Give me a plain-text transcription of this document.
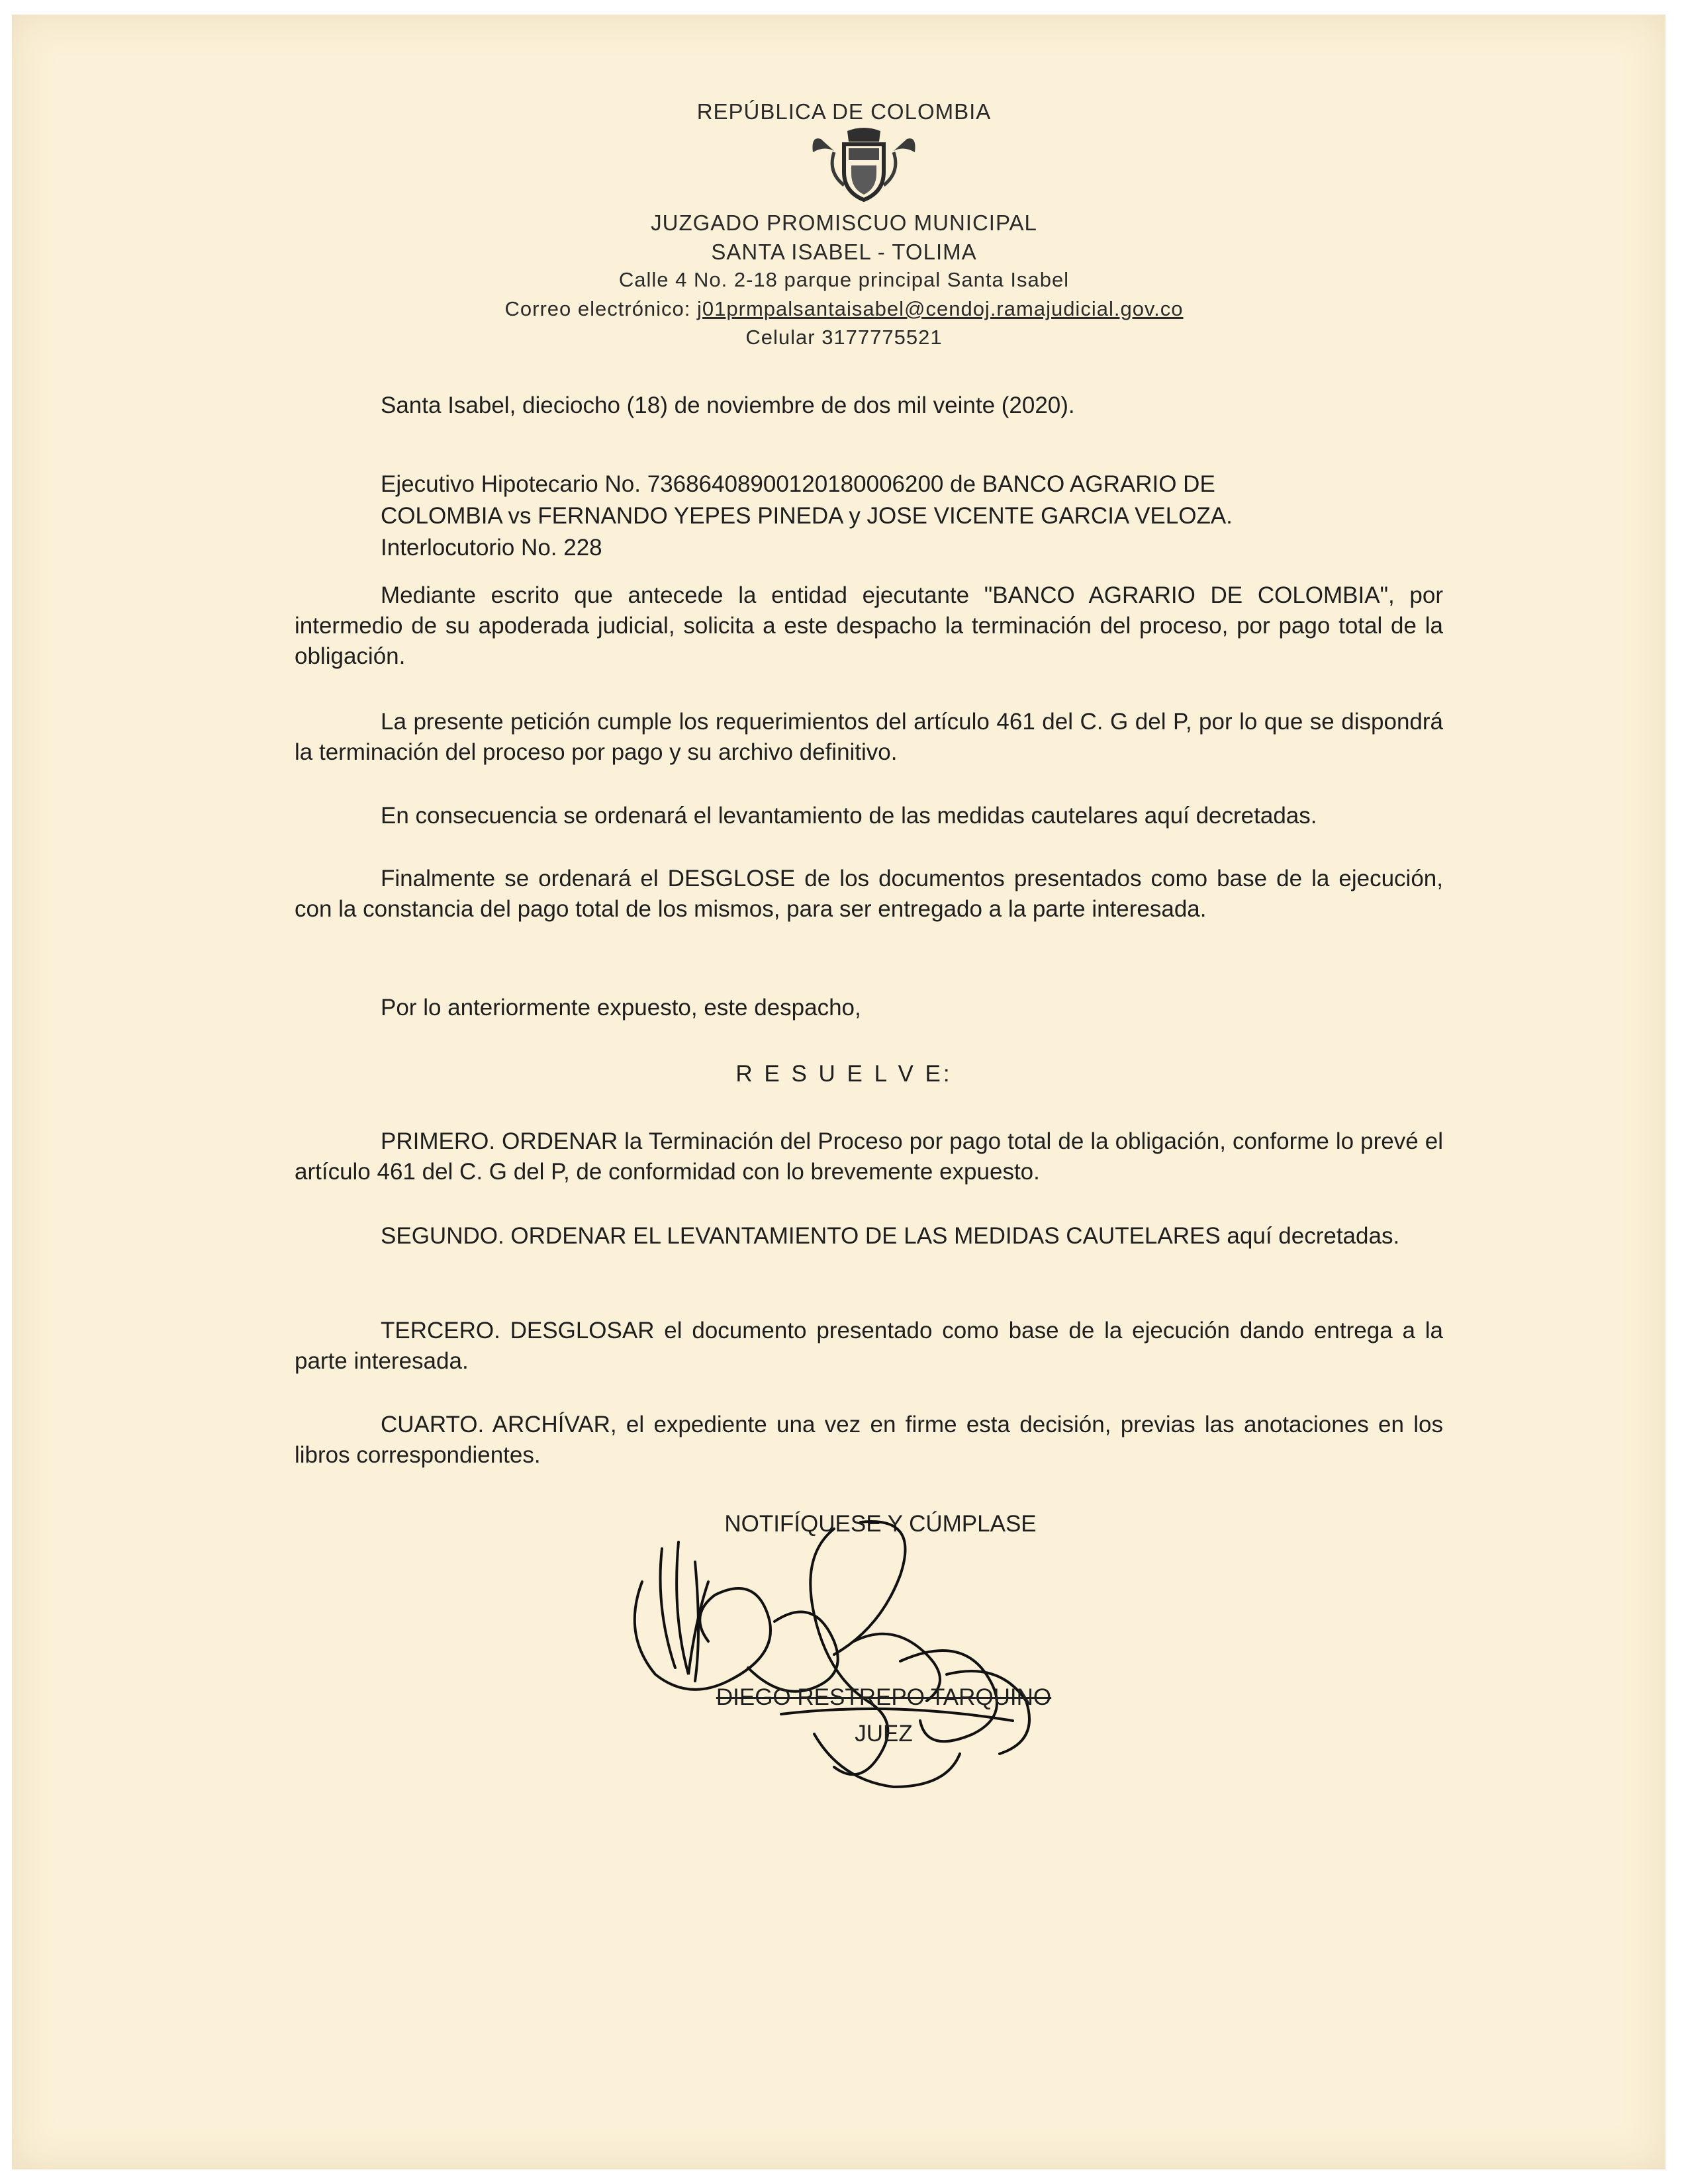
REPÚBLICA DE COLOMBIA
JUZGADO PROMISCUO MUNICIPAL
SANTA ISABEL - TOLIMA
Calle 4 No. 2-18 parque principal Santa Isabel
Correo electrónico: j01prmpalsantaisabel@cendoj.ramajudicial.gov.co
Celular 3177775521
Santa Isabel, dieciocho (18) de noviembre de dos mil veinte (2020).
Ejecutivo Hipotecario No. 73686408900120180006200 de BANCO AGRARIO DE
COLOMBIA vs FERNANDO YEPES PINEDA y JOSE VICENTE GARCIA VELOZA.
Interlocutorio No. 228
Mediante escrito que antecede la entidad ejecutante "BANCO AGRARIO DE COLOMBIA", por intermedio de su apoderada judicial, solicita a este despacho la terminación del proceso, por pago total de la obligación.
La presente petición cumple los requerimientos del artículo 461 del C. G del P, por lo que se dispondrá la terminación del proceso por pago y su archivo definitivo.
En consecuencia se ordenará el levantamiento de las medidas cautelares aquí decretadas.
Finalmente se ordenará el DESGLOSE de los documentos presentados como base de la ejecución, con la constancia del pago total de los mismos, para ser entregado a la parte interesada.
Por lo anteriormente expuesto, este despacho,
R E S U E L V E:
PRIMERO. ORDENAR la Terminación del Proceso por pago total de la obligación, conforme lo prevé el artículo 461 del C. G del P, de conformidad con lo brevemente expuesto.
SEGUNDO. ORDENAR EL LEVANTAMIENTO DE LAS MEDIDAS CAUTELARES aquí decretadas.
TERCERO. DESGLOSAR el documento presentado como base de la ejecución dando entrega a la parte interesada.
CUARTO. ARCHÍVAR, el expediente una vez en firme esta decisión, previas las anotaciones en los libros correspondientes.
NOTIFÍQUESE Y CÚMPLASE
DIEGO RESTREPO TARQUINO
JUEZ
